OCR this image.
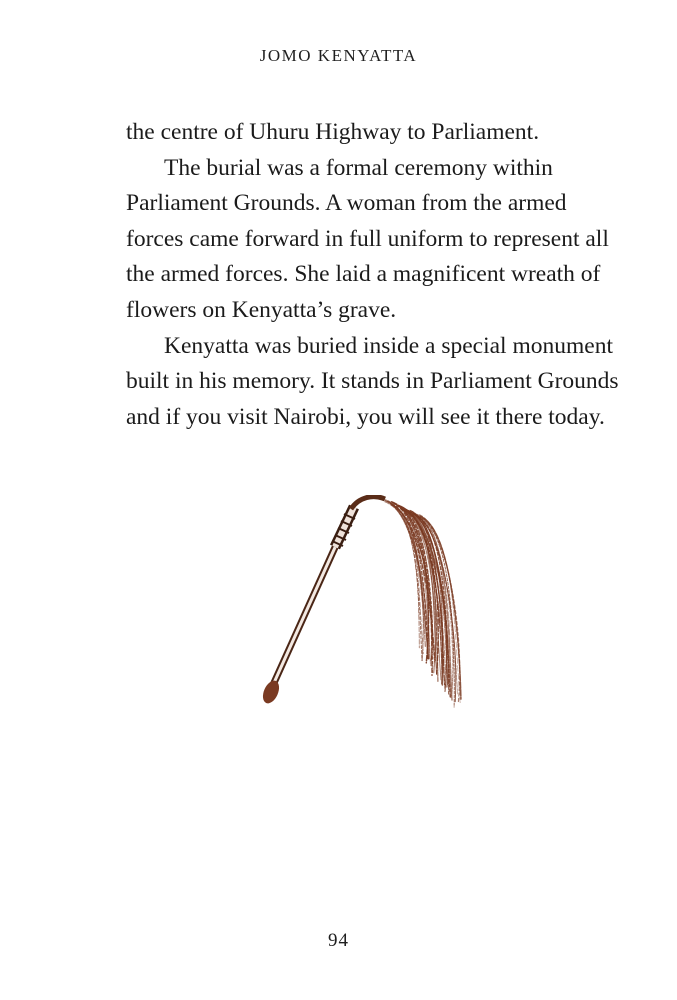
JOMO KENYATTA

the centre of Uhuru Highway to Parliament.

The burial was a formal ceremony within Parliament Grounds. A woman from the armed forces came forward in full uniform to represent all the armed forces. She laid a magnificent wreath of flowers on Kenyatta’s grave.

Kenyatta was buried inside a special monument built in his memory. It stands in Parliament Grounds and if you visit Nairobi, you will see it there today.

94
